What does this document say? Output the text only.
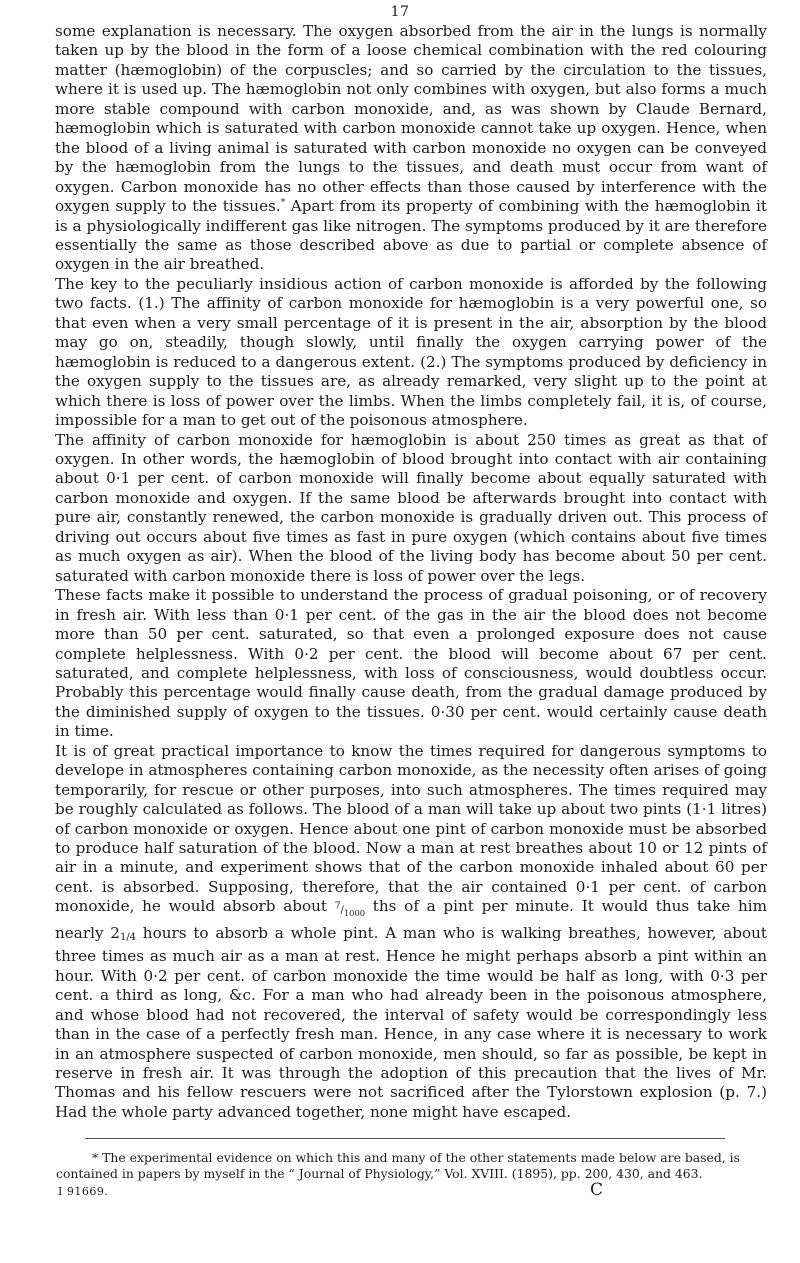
17

some explanation is necessary. The oxygen absorbed from the air in the lungs is normally taken up by the blood in the form of a loose chemical combination with the red colouring matter (hæmoglobin) of the corpuscles; and so carried by the circulation to the tissues, where it is used up. The hæmoglobin not only combines with oxygen, but also forms a much more stable compound with carbon monoxide, and, as was shown by Claude Bernard, hæmoglobin which is saturated with carbon monoxide cannot take up oxygen. Hence, when the blood of a living animal is saturated with carbon monoxide no oxygen can be conveyed by the hæmoglobin from the lungs to the tissues, and death must occur from want of oxygen. Carbon monoxide has no other effects than those caused by interference with the oxygen supply to the tissues.* Apart from its property of combining with the hæmoglobin it is a physiologically indifferent gas like nitrogen. The symptoms produced by it are therefore essentially the same as those described above as due to partial or complete absence of oxygen in the air breathed.

The key to the peculiarly insidious action of carbon monoxide is afforded by the following two facts. (1.) The affinity of carbon monoxide for hæmoglobin is a very powerful one, so that even when a very small percentage of it is present in the air, absorption by the blood may go on, steadily, though slowly, until finally the oxygen carrying power of the hæmoglobin is reduced to a dangerous extent. (2.) The symptoms produced by deficiency in the oxygen supply to the tissues are, as already remarked, very slight up to the point at which there is loss of power over the limbs. When the limbs completely fail, it is, of course, impossible for a man to get out of the poisonous atmosphere.

The affinity of carbon monoxide for hæmoglobin is about 250 times as great as that of oxygen. In other words, the hæmoglobin of blood brought into contact with air containing about 0·1 per cent. of carbon monoxide will finally become about equally saturated with carbon monoxide and oxygen. If the same blood be afterwards brought into contact with pure air, constantly renewed, the carbon monoxide is gradually driven out. This process of driving out occurs about five times as fast in pure oxygen (which contains about five times as much oxygen as air). When the blood of the living body has become about 50 per cent. saturated with carbon monoxide there is loss of power over the legs.

These facts make it possible to understand the process of gradual poisoning, or of recovery in fresh air. With less than 0·1 per cent. of the gas in the air the blood does not become more than 50 per cent. saturated, so that even a prolonged exposure does not cause complete helplessness. With 0·2 per cent. the blood will become about 67 per cent. saturated, and complete helplessness, with loss of consciousness, would doubtless occur. Probably this percentage would finally cause death, from the gradual damage produced by the diminished supply of oxygen to the tissues. 0·30 per cent. would certainly cause death in time.

It is of great practical importance to know the times required for dangerous symptoms to develope in atmospheres containing carbon monoxide, as the necessity often arises of going temporarily, for rescue or other purposes, into such atmospheres. The times required may be roughly calculated as follows. The blood of a man will take up about two pints (1·1 litres) of carbon monoxide or oxygen. Hence about one pint of carbon monoxide must be absorbed to produce half saturation of the blood. Now a man at rest breathes about 10 or 12 pints of air in a minute, and experiment shows that of the carbon monoxide inhaled about 60 per cent. is absorbed. Supposing, therefore, that the air contained 0·1 per cent. of carbon monoxide, he would absorb about $^7/_{1000}$ ths of a pint per minute. It would thus take him nearly 21/4 hours to absorb a whole pint. A man who is walking breathes, however, about three times as much air as a man at rest. Hence he might perhaps absorb a pint within an hour. With 0·2 per cent. of carbon monoxide the time would be half as long, with 0·3 per cent. a third as long, &c. For a man who had already been in the poisonous atmosphere, and whose blood had not recovered, the interval of safety would be correspondingly less than in the case of a perfectly fresh man. Hence, in any case where it is necessary to work in an atmosphere suspected of carbon monoxide, men should, so far as possible, be kept in reserve in fresh air. It was through the adoption of this precaution that the lives of Mr. Thomas and his fellow rescuers were not sacrificed after the Tylorstown explosion (p. 7.) Had the whole party advanced together, none might have escaped.

* The experimental evidence on which this and many of the other statements made below are based, is contained in papers by myself in the “ Journal of Physiology,” Vol. XVIII. (1895), pp. 200, 430, and 463.
I 91669.	C
